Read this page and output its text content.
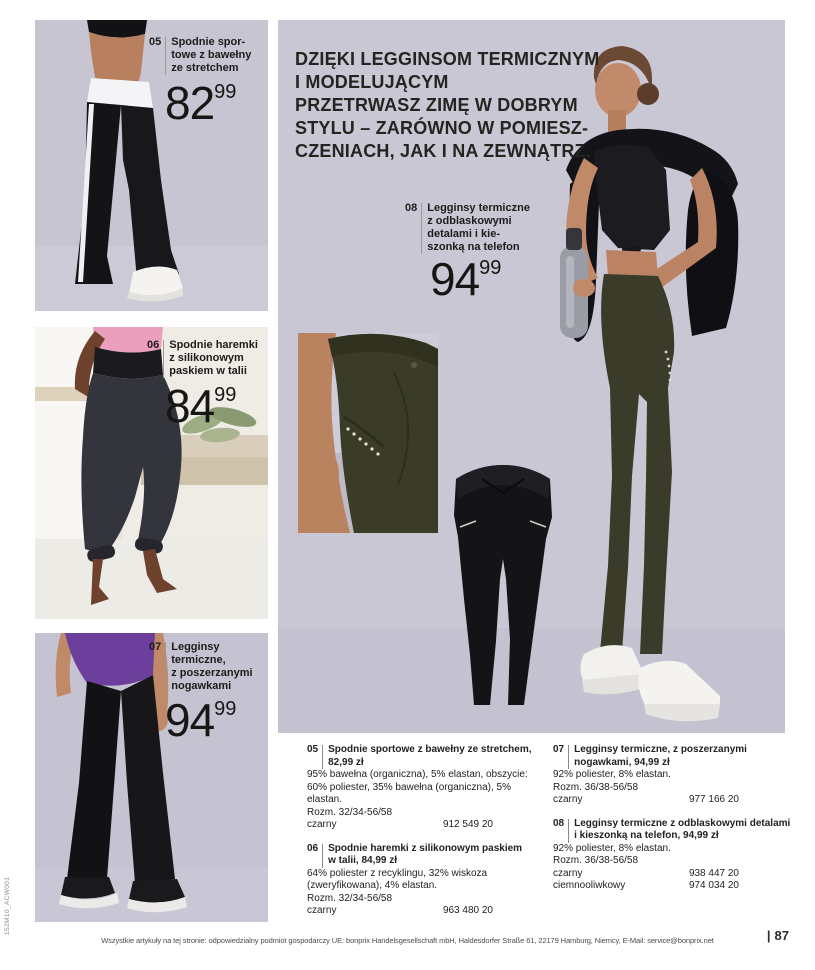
152M10_ACW001
05 Spodnie spor-
towe z bawełny
ze stretchem
$82^{99}$
06 Spodnie haremki
z silikonowym
paskiem w talii
$84^{99}$
07 Legginsy
termiczne,
z poszerzanymi
nogawkami
$94^{99}$
DZIĘKI LEGGINSOM TERMICZNYM
I MODELUJĄCYM
PRZETRWASZ ZIMĘ W DOBRYM
STYLU – ZARÓWNO W POMIESZ-
CZENIACH, JAK I NA ZEWNĄTRZ.
08 Legginsy termiczne
z odblaskowymi
detalami i kie-
szonką na telefon
$94^{99}$
05 Spodnie sportowe z bawełny ze stretchem,
82,99 zł
95% bawełna (organiczna), 5% elastan, obszycie:
60% poliester, 35% bawełna (organiczna), 5%
elastan.
Rozm. 32/34-56/58
czarny	912 549 20
06 Spodnie haremki z silikonowym paskiem
w talii, 84,99 zł
64% poliester z recyklingu, 32% wiskoza
(zweryfikowana), 4% elastan.
Rozm. 32/34-56/58
czarny	963 480 20
07 Legginsy termiczne, z poszerzanymi
nogawkami, 94,99 zł
92% poliester, 8% elastan.
Rozm. 36/38-56/58
czarny	977 166 20
08 Legginsy termiczne z odblaskowymi detalami
i kieszonką na telefon, 94,99 zł
92% poliester, 8% elastan.
Rozm. 36/38-56/58
czarny	938 447 20
ciemnooliwkowy	974 034 20
Wszystkie artykuły na tej stronie: odpowiedzialny podmiot gospodarczy UE: bonprix Handelsgesellschaft mbH, Haldesdorfer Straße 61, 22179 Hamburg, Niemcy, E-Mail: service@bonprix.net	| 87
